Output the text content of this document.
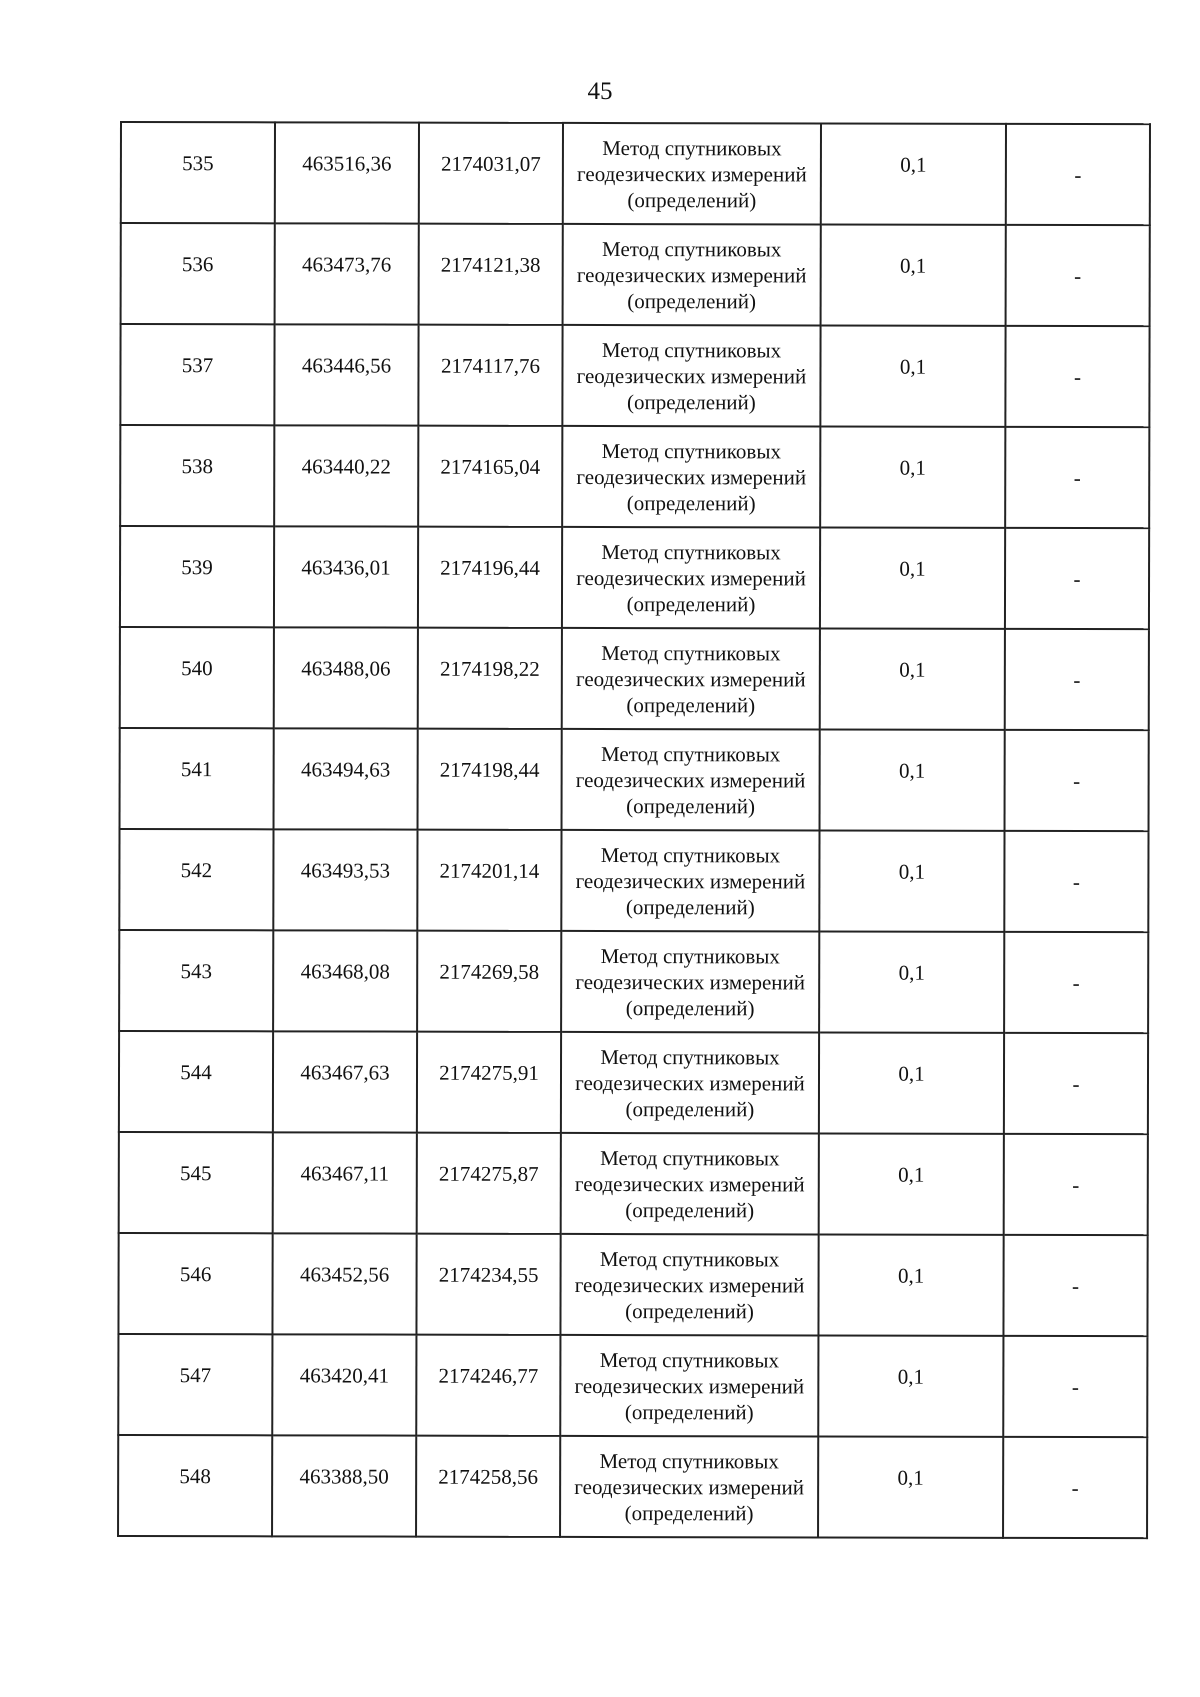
45
535	463516,36	2174031,07	Метод спутниковых
геодезических измерений
(определений)	0,1	-
536	463473,76	2174121,38	Метод спутниковых
геодезических измерений
(определений)	0,1	-
537	463446,56	2174117,76	Метод спутниковых
геодезических измерений
(определений)	0,1	-
538	463440,22	2174165,04	Метод спутниковых
геодезических измерений
(определений)	0,1	-
539	463436,01	2174196,44	Метод спутниковых
геодезических измерений
(определений)	0,1	-
540	463488,06	2174198,22	Метод спутниковых
геодезических измерений
(определений)	0,1	-
541	463494,63	2174198,44	Метод спутниковых
геодезических измерений
(определений)	0,1	-
542	463493,53	2174201,14	Метод спутниковых
геодезических измерений
(определений)	0,1	-
543	463468,08	2174269,58	Метод спутниковых
геодезических измерений
(определений)	0,1	-
544	463467,63	2174275,91	Метод спутниковых
геодезических измерений
(определений)	0,1	-
545	463467,11	2174275,87	Метод спутниковых
геодезических измерений
(определений)	0,1	-
546	463452,56	2174234,55	Метод спутниковых
геодезических измерений
(определений)	0,1	-
547	463420,41	2174246,77	Метод спутниковых
геодезических измерений
(определений)	0,1	-
548	463388,50	2174258,56	Метод спутниковых
геодезических измерений
(определений)	0,1	-
